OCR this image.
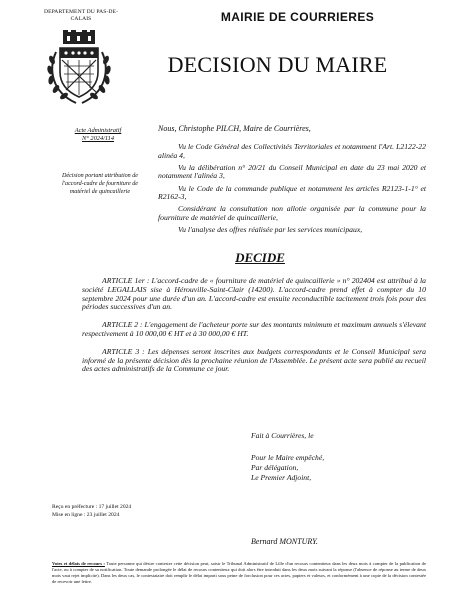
DEPARTEMENT DU PAS-DE-CALAIS	MAIRIE DE COURRIERES
DECISION DU MAIRE
Acte Administratif
N° 2024/114
Décision portant attribution de l'accord-cadre de fourniture de matériel de quincaillerie
Nous, Christophe PILCH, Maire de Courrières,

Vu le Code Général des Collectivités Territoriales et notamment l'Art. L2122-22 alinéa 4,

Vu la délibération n° 20/21 du Conseil Municipal en date du 23 mai 2020 et notamment l'alinéa 3,

Vu le Code de la commande publique et notamment les articles R2123-1-1° et R2162-3,

Considérant la consultation non allotie organisée par la commune pour la fourniture de matériel de quincaillerie,

Vu l'analyse des offres réalisée par les services municipaux,

DECIDE

ARTICLE 1er : L'accord-cadre de « fourniture de matériel de quincaillerie » n° 202404 est attribué à la société LEGALLAIS sise à Hérouville-Saint-Clair (14200). L'accord-cadre prend effet à compter du 10 septembre 2024 pour une durée d'un an. L'accord-cadre est ensuite reconductible tacitement trois fois pour des périodes successives d'un an.

ARTICLE 2 : L'engagement de l'acheteur porte sur des montants minimum et maximum annuels s'élevant respectivement à 10 000,00 € HT et à 30 000,00 € HT.

ARTICLE 3 : Les dépenses seront inscrites aux budgets correspondants et le Conseil Municipal sera informé de la présente décision dès la prochaine réunion de l'Assemblée. Le présent acte sera publié au recueil des actes administratifs de la Commune ce jour.

Fait à Courrières, le
Pour le Maire empêché,
Par délégation,
Le Premier Adjoint,
Reçu en préfecture : 17 juillet 2024
Mise en ligne : 23 juillet 2024
Bernard MONTURY.
Voies et délais de recours : Toute personne qui désire contester cette décision peut, saisir le Tribunal Administratif de Lille d'un recours contentieux dans les deux mois à compter de la publication de l'acte, ou à compter de sa notification. Toute demande prolongée le délai de recours contentieux qui doit alors être introduit dans les deux mois suivant la réponse (l'absence de réponse au terme de deux mois vaut rejet implicite). Dans les deux cas, le contestataire doit remplir le délai imparti sous peine de forclusion pour ces actes, papiers et valeurs, et conformément à une copie de la décision contestée de recevoir une lettre.
